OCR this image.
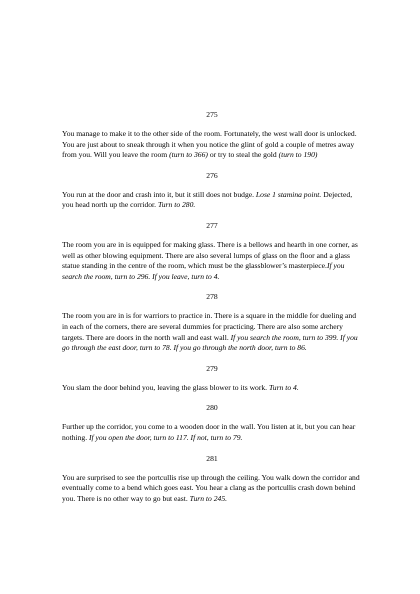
275

You manage to make it to the other side of the room. Fortunately, the west wall door is unlocked. You are just about to sneak through it when you notice the glint of gold a couple of metres away from you. Will you leave the room (turn to 366) or try to steal the gold (turn to 190)

276

You run at the door and crash into it, but it still does not budge. Lose 1 stamina point. Dejected, you head north up the corridor. Turn to 280.

277

The room you are in is equipped for making glass. There is a bellows and hearth in one corner, as well as other blowing equipment. There are also several lumps of glass on the floor and a glass statue standing in the centre of the room, which must be the glassblower’s masterpiece.If you search the room, turn to 296. If you leave, turn to 4.

278

The room you are in is for warriors to practice in. There is a square in the middle for dueling and in each of the corners, there are several dummies for practicing. There are also some archery targets. There are doors in the north wall and east wall. If you search the room, turn to 399. If you go through the east door, turn to 78. If you go through the north door, turn to 86.

279

You slam the door behind you, leaving the glass blower to its work. Turn to 4.

280

Further up the corridor, you come to a wooden door in the wall. You listen at it, but you can hear nothing. If you open the door, turn to 117. If not, turn to 79.

281

You are surprised to see the portcullis rise up through the ceiling. You walk down the corridor and eventually come to a bend which goes east. You hear a clang as the portcullis crash down behind you. There is no other way to go but east. Turn to 245.
